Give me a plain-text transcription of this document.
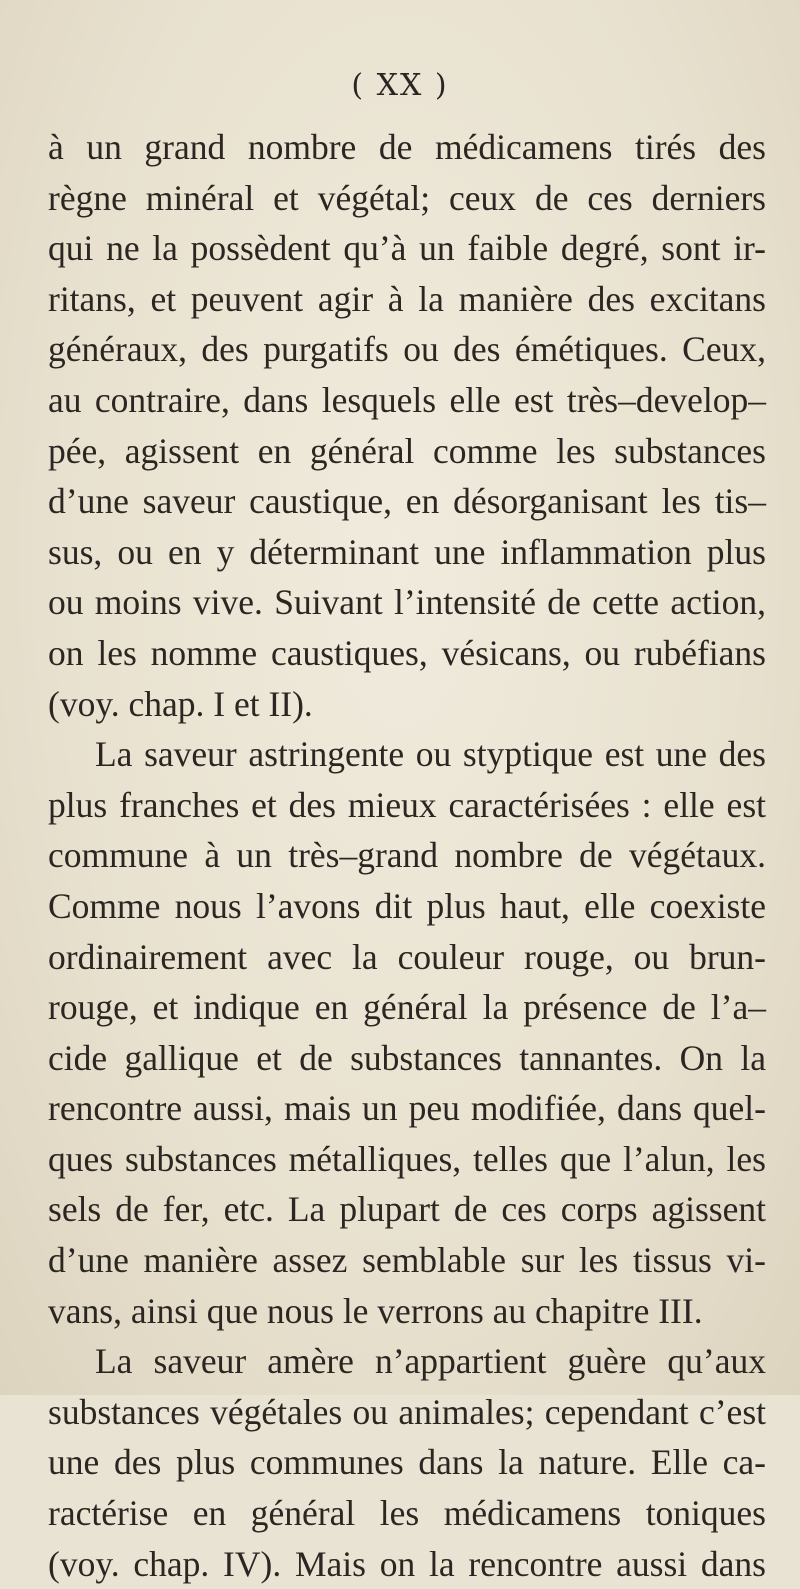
( XX )
à un grand nombre de médicamens tirés des
règne minéral et végétal; ceux de ces derniers
qui ne la possèdent qu’à un faible degré, sont ir-
ritans, et peuvent agir à la manière des excitans
généraux, des purgatifs ou des émétiques. Ceux,
au contraire, dans lesquels elle est très–develop–
pée, agissent en général comme les substances
d’une saveur caustique, en désorganisant les tis–
sus, ou en y déterminant une inflammation plus
ou moins vive. Suivant l’intensité de cette action,
on les nomme caustiques, vésicans, ou rubéfians
(voy. chap. I et II).
La saveur astringente ou styptique est une des
plus franches et des mieux caractérisées : elle est
commune à un très–grand nombre de végétaux.
Comme nous l’avons dit plus haut, elle coexiste
ordinairement avec la couleur rouge, ou brun-
rouge, et indique en général la présence de l’a–
cide gallique et de substances tannantes. On la
rencontre aussi, mais un peu modifiée, dans quel-
ques substances métalliques, telles que l’alun, les
sels de fer, etc. La plupart de ces corps agissent
d’une manière assez semblable sur les tissus vi-
vans, ainsi que nous le verrons au chapitre III.
La saveur amère n’appartient guère qu’aux
substances végétales ou animales; cependant c’est
une des plus communes dans la nature. Elle ca-
ractérise en général les médicamens toniques
(voy. chap. IV). Mais on la rencontre aussi dans
